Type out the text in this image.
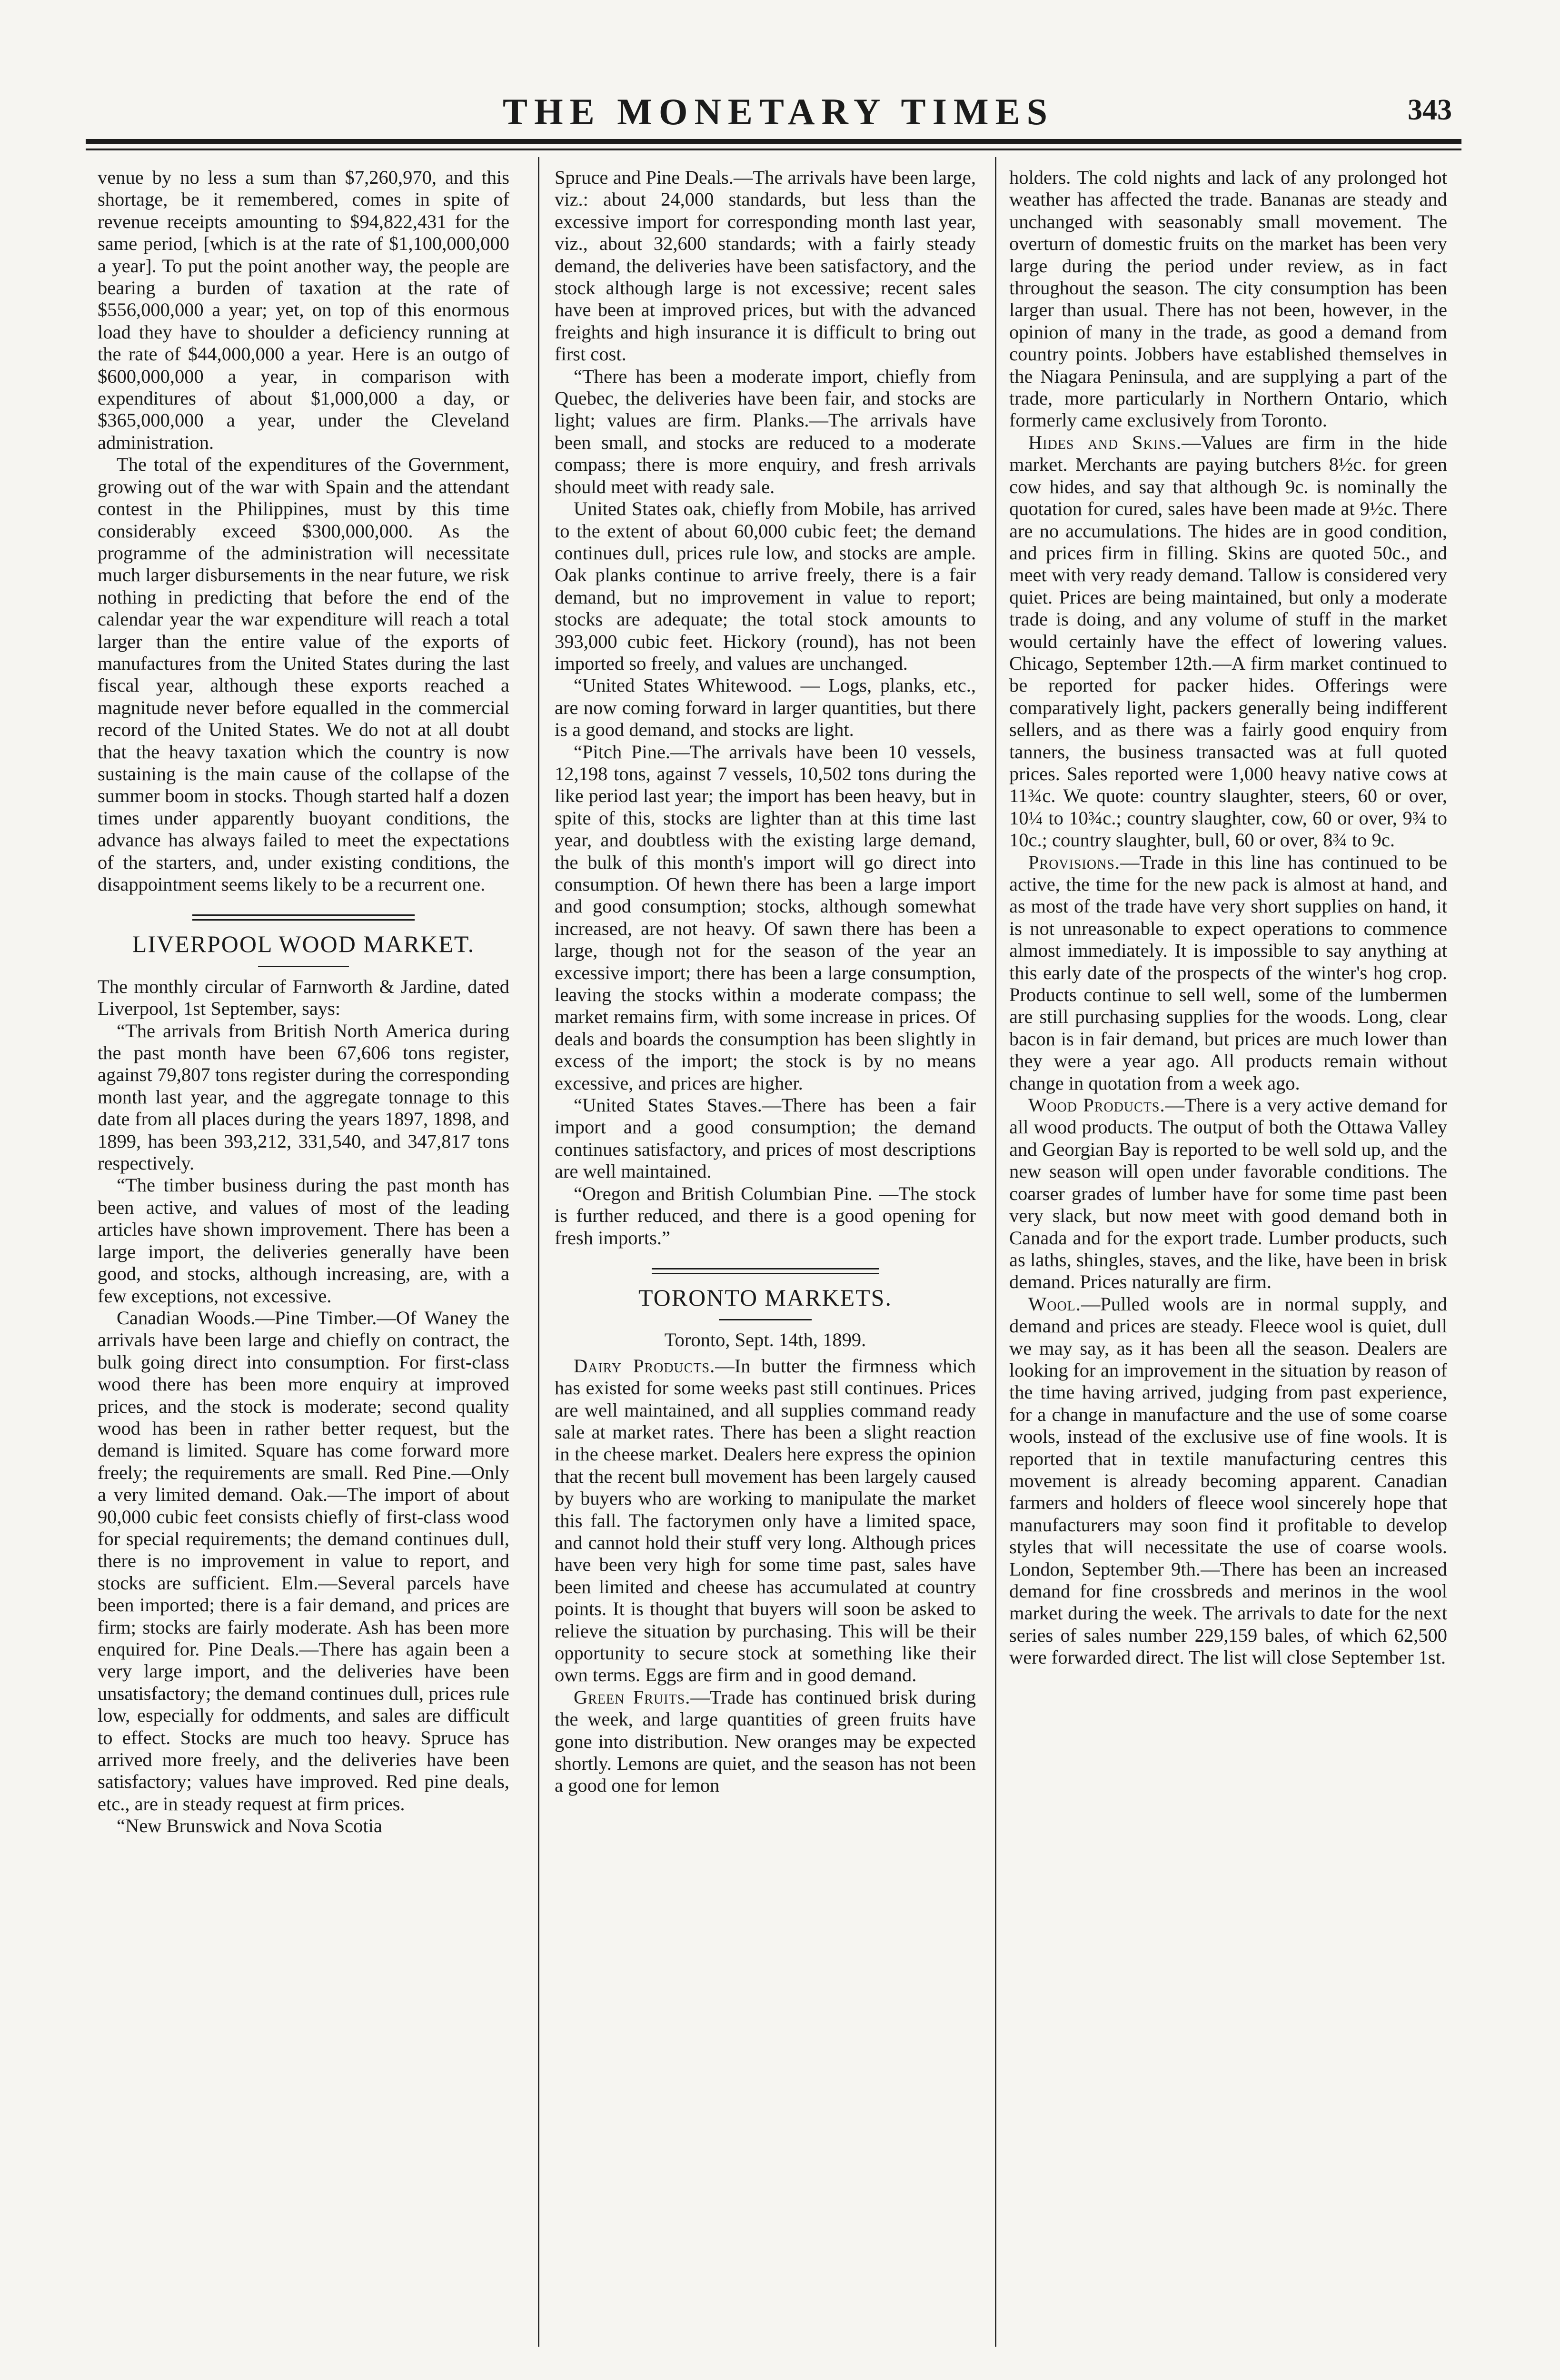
THE MONETARY TIMES	343

venue by no less a sum than $7,260,970, and this shortage, be it remembered, comes in spite of revenue receipts amounting to $94,822,431 for the same period, [which is at the rate of $1,100,000,000 a year]. To put the point another way, the people are bearing a burden of taxation at the rate of $556,000,000 a year; yet, on top of this enormous load they have to shoulder a deficiency running at the rate of $44,000,000 a year. Here is an outgo of $600,000,000 a year, in comparison with expenditures of about $1,000,000 a day, or $365,000,000 a year, under the Cleveland administration.

The total of the expenditures of the Government, growing out of the war with Spain and the attendant contest in the Philippines, must by this time considerably exceed $300,000,000. As the programme of the administration will necessitate much larger disbursements in the near future, we risk nothing in predicting that before the end of the calendar year the war expenditure will reach a total larger than the entire value of the exports of manufactures from the United States during the last fiscal year, although these exports reached a magnitude never before equalled in the commercial record of the United States. We do not at all doubt that the heavy taxation which the country is now sustaining is the main cause of the collapse of the summer boom in stocks. Though started half a dozen times under apparently buoyant conditions, the advance has always failed to meet the expectations of the starters, and, under existing conditions, the disappointment seems likely to be a recurrent one.

LIVERPOOL WOOD MARKET.

The monthly circular of Farnworth & Jardine, dated Liverpool, 1st September, says:

“The arrivals from British North America during the past month have been 67,606 tons register, against 79,807 tons register during the corresponding month last year, and the aggregate tonnage to this date from all places during the years 1897, 1898, and 1899, has been 393,212, 331,540, and 347,817 tons respectively.

“The timber business during the past month has been active, and values of most of the leading articles have shown improvement. There has been a large import, the deliveries generally have been good, and stocks, although increasing, are, with a few exceptions, not excessive.

Canadian Woods.—Pine Timber.—Of Waney the arrivals have been large and chiefly on contract, the bulk going direct into consumption. For first-class wood there has been more enquiry at improved prices, and the stock is moderate; second quality wood has been in rather better request, but the demand is limited. Square has come forward more freely; the requirements are small. Red Pine.—Only a very limited demand. Oak.—The import of about 90,000 cubic feet consists chiefly of first-class wood for special requirements; the demand continues dull, there is no improvement in value to report, and stocks are sufficient. Elm.—Several parcels have been imported; there is a fair demand, and prices are firm; stocks are fairly moderate. Ash has been more enquired for. Pine Deals.—There has again been a very large import, and the deliveries have been unsatisfactory; the demand continues dull, prices rule low, especially for oddments, and sales are difficult to effect. Stocks are much too heavy. Spruce has arrived more freely, and the deliveries have been satisfactory; values have improved. Red pine deals, etc., are in steady request at firm prices.

“New Brunswick and Nova Scotia

Spruce and Pine Deals.—The arrivals have been large, viz.: about 24,000 standards, but less than the excessive import for corresponding month last year, viz., about 32,600 standards; with a fairly steady demand, the deliveries have been satisfactory, and the stock although large is not excessive; recent sales have been at improved prices, but with the advanced freights and high insurance it is difficult to bring out first cost.

“There has been a moderate import, chiefly from Quebec, the deliveries have been fair, and stocks are light; values are firm. Planks.—The arrivals have been small, and stocks are reduced to a moderate compass; there is more enquiry, and fresh arrivals should meet with ready sale.

United States oak, chiefly from Mobile, has arrived to the extent of about 60,000 cubic feet; the demand continues dull, prices rule low, and stocks are ample. Oak planks continue to arrive freely, there is a fair demand, but no improvement in value to report; stocks are adequate; the total stock amounts to 393,000 cubic feet. Hickory (round), has not been imported so freely, and values are unchanged.

“United States Whitewood. — Logs, planks, etc., are now coming forward in larger quantities, but there is a good demand, and stocks are light.

“Pitch Pine.—The arrivals have been 10 vessels, 12,198 tons, against 7 vessels, 10,502 tons during the like period last year; the import has been heavy, but in spite of this, stocks are lighter than at this time last year, and doubtless with the existing large demand, the bulk of this month's import will go direct into consumption. Of hewn there has been a large import and good consumption; stocks, although somewhat increased, are not heavy. Of sawn there has been a large, though not for the season of the year an excessive import; there has been a large consumption, leaving the stocks within a moderate compass; the market remains firm, with some increase in prices. Of deals and boards the consumption has been slightly in excess of the import; the stock is by no means excessive, and prices are higher.

“United States Staves.—There has been a fair import and a good consumption; the demand continues satisfactory, and prices of most descriptions are well maintained.

“Oregon and British Columbian Pine. —The stock is further reduced, and there is a good opening for fresh imports.”

TORONTO MARKETS.
Toronto, Sept. 14th, 1899.

Dairy Products.—In butter the firmness which has existed for some weeks past still continues. Prices are well maintained, and all supplies command ready sale at market rates. There has been a slight reaction in the cheese market. Dealers here express the opinion that the recent bull movement has been largely caused by buyers who are working to manipulate the market this fall. The factorymen only have a limited space, and cannot hold their stuff very long. Although prices have been very high for some time past, sales have been limited and cheese has accumulated at country points. It is thought that buyers will soon be asked to relieve the situation by purchasing. This will be their opportunity to secure stock at something like their own terms. Eggs are firm and in good demand.

Green Fruits.—Trade has continued brisk during the week, and large quantities of green fruits have gone into distribution. New oranges may be expected shortly. Lemons are quiet, and the season has not been a good one for lemon

holders. The cold nights and lack of any prolonged hot weather has affected the trade. Bananas are steady and unchanged with seasonably small movement. The overturn of domestic fruits on the market has been very large during the period under review, as in fact throughout the season. The city consumption has been larger than usual. There has not been, however, in the opinion of many in the trade, as good a demand from country points. Jobbers have established themselves in the Niagara Peninsula, and are supplying a part of the trade, more particularly in Northern Ontario, which formerly came exclusively from Toronto.

Hides and Skins.—Values are firm in the hide market. Merchants are paying butchers 8½c. for green cow hides, and say that although 9c. is nominally the quotation for cured, sales have been made at 9½c. There are no accumulations. The hides are in good condition, and prices firm in filling. Skins are quoted 50c., and meet with very ready demand. Tallow is considered very quiet. Prices are being maintained, but only a moderate trade is doing, and any volume of stuff in the market would certainly have the effect of lowering values. Chicago, September 12th.—A firm market continued to be reported for packer hides. Offerings were comparatively light, packers generally being indifferent sellers, and as there was a fairly good enquiry from tanners, the business transacted was at full quoted prices. Sales reported were 1,000 heavy native cows at 11¾c. We quote: country slaughter, steers, 60 or over, 10¼ to 10¾c.; country slaughter, cow, 60 or over, 9¾ to 10c.; country slaughter, bull, 60 or over, 8¾ to 9c.

Provisions.—Trade in this line has continued to be active, the time for the new pack is almost at hand, and as most of the trade have very short supplies on hand, it is not unreasonable to expect operations to commence almost immediately. It is impossible to say anything at this early date of the prospects of the winter's hog crop. Products continue to sell well, some of the lumbermen are still purchasing supplies for the woods. Long, clear bacon is in fair demand, but prices are much lower than they were a year ago. All products remain without change in quotation from a week ago.

Wood Products.—There is a very active demand for all wood products. The output of both the Ottawa Valley and Georgian Bay is reported to be well sold up, and the new season will open under favorable conditions. The coarser grades of lumber have for some time past been very slack, but now meet with good demand both in Canada and for the export trade. Lumber products, such as laths, shingles, staves, and the like, have been in brisk demand. Prices naturally are firm.

Wool.—Pulled wools are in normal supply, and demand and prices are steady. Fleece wool is quiet, dull we may say, as it has been all the season. Dealers are looking for an improvement in the situation by reason of the time having arrived, judging from past experience, for a change in manufacture and the use of some coarse wools, instead of the exclusive use of fine wools. It is reported that in textile manufacturing centres this movement is already becoming apparent. Canadian farmers and holders of fleece wool sincerely hope that manufacturers may soon find it profitable to develop styles that will necessitate the use of coarse wools. London, September 9th.—There has been an increased demand for fine crossbreds and merinos in the wool market during the week. The arrivals to date for the next series of sales number 229,159 bales, of which 62,500 were forwarded direct. The list will close September 1st.
